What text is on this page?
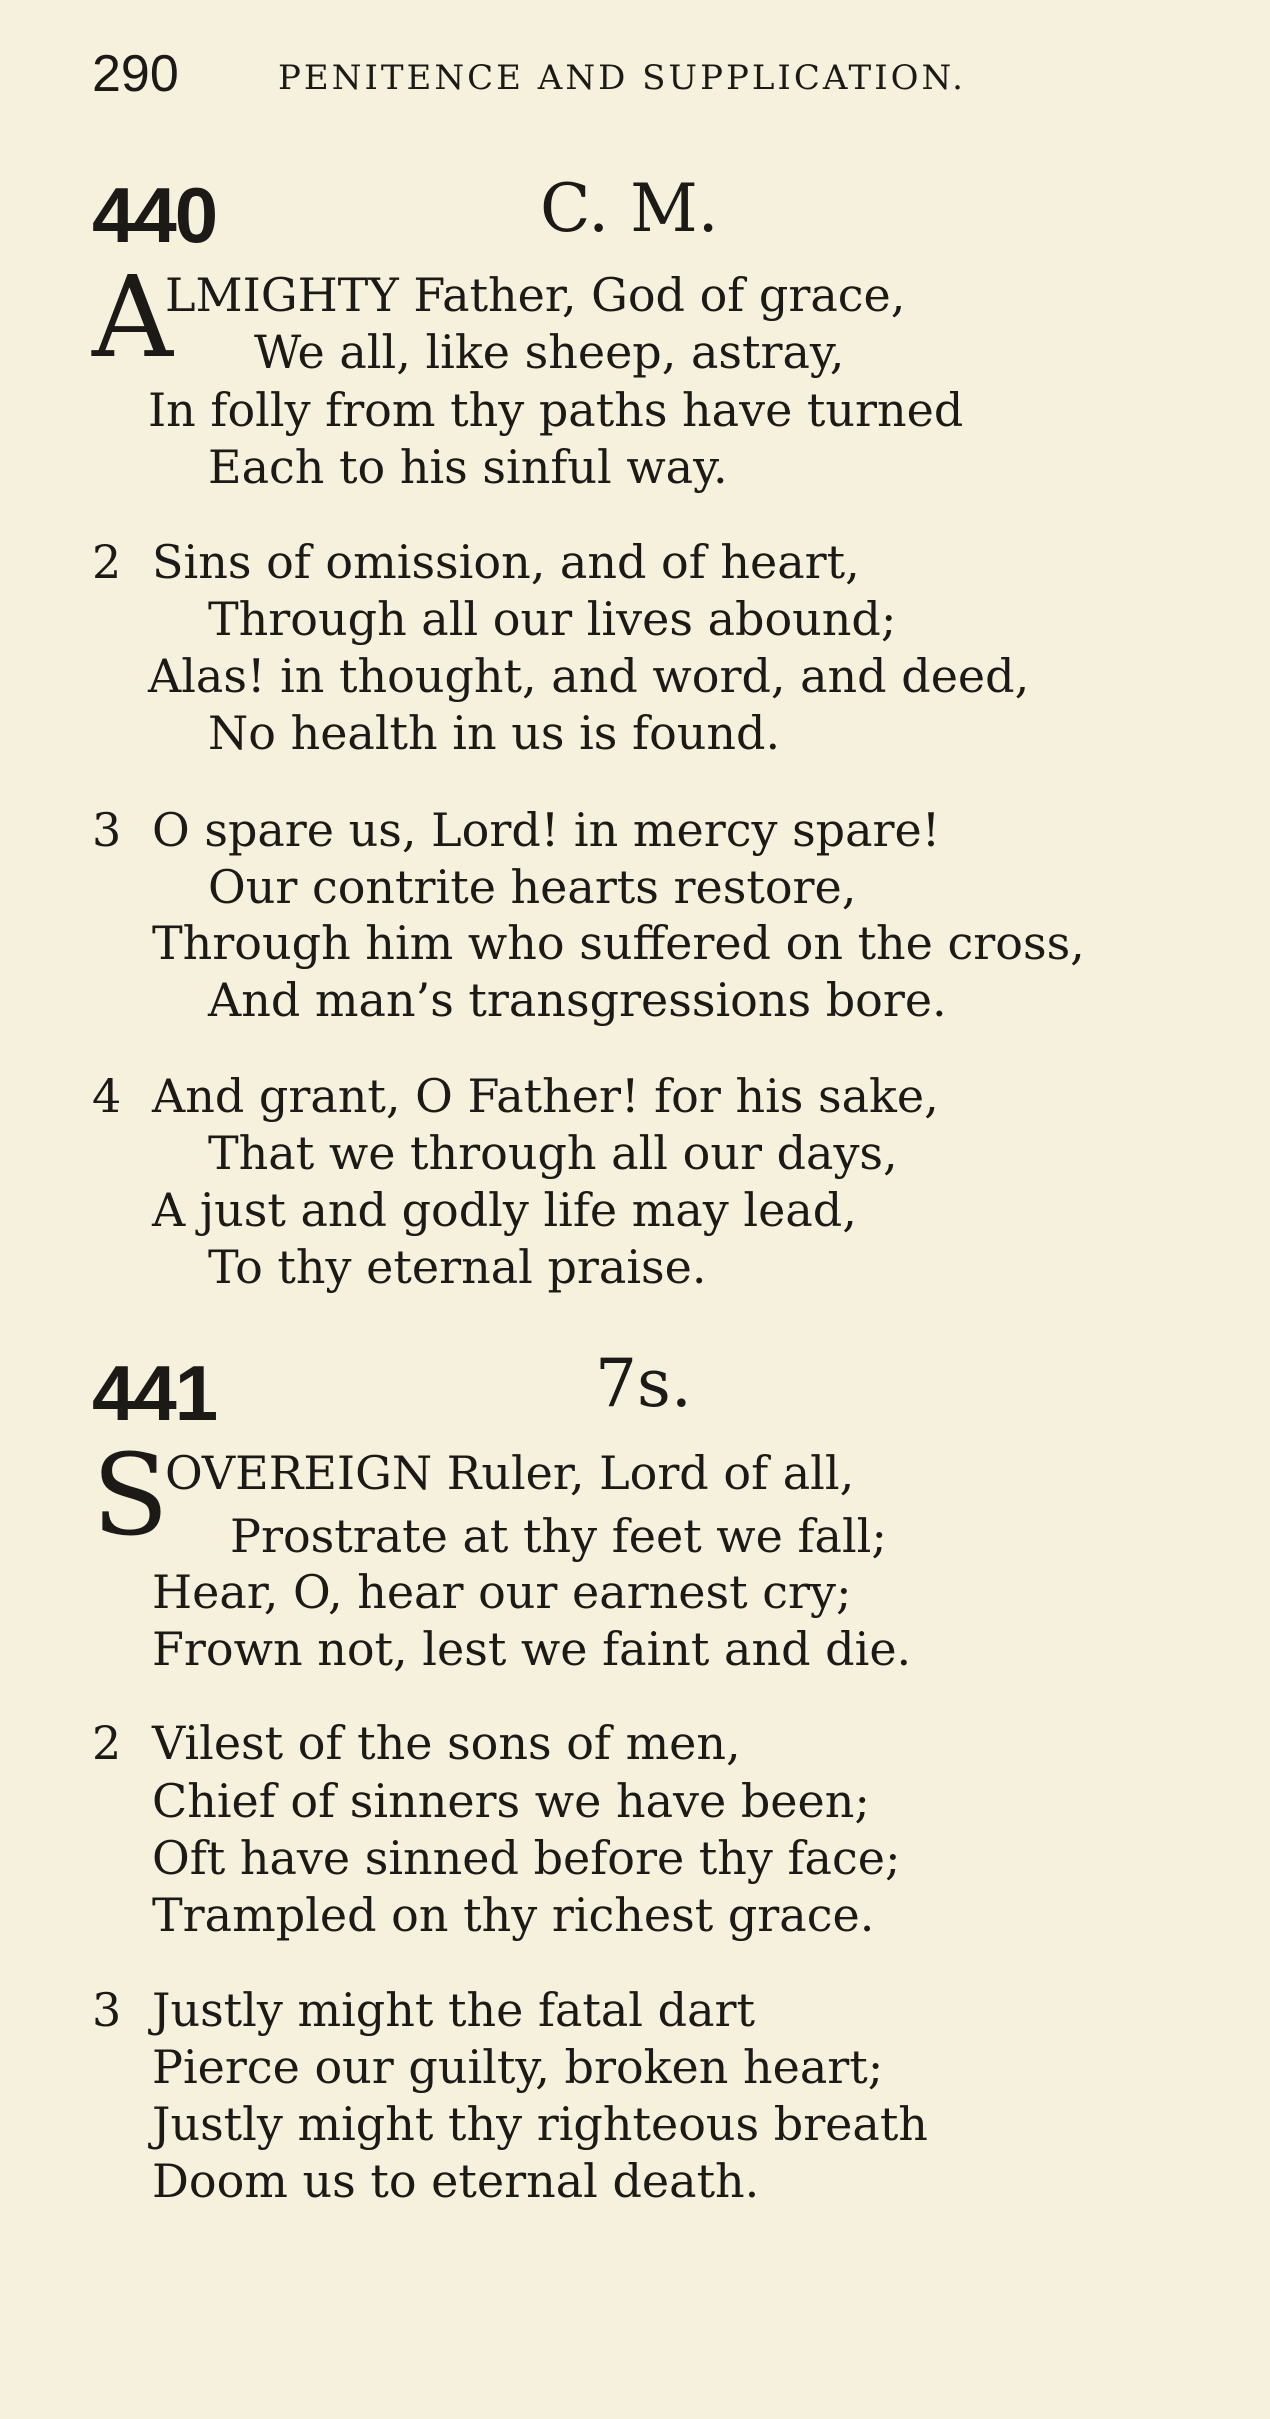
290	PENITENCE AND SUPPLICATION.
440	C. M.
A
LMIGHTY Father, God of grace,
We all, like sheep, astray,
In folly from thy paths have turned
Each to his sinful way.
2 Sins of omission, and of heart,
Through all our lives abound;
Alas! in thought, and word, and deed,
No health in us is found.
3 O spare us, Lord! in mercy spare!
Our contrite hearts restore,
Through him who suffered on the cross,
And man’s transgressions bore.
4 And grant, O Father! for his sake,
That we through all our days,
A just and godly life may lead,
To thy eternal praise.
441	7s.
S
OVEREIGN Ruler, Lord of all,
Prostrate at thy feet we fall;
Hear, O, hear our earnest cry;
Frown not, lest we faint and die.
2 Vilest of the sons of men,
Chief of sinners we have been;
Oft have sinned before thy face;
Trampled on thy richest grace.
3 Justly might the fatal dart
Pierce our guilty, broken heart;
Justly might thy righteous breath
Doom us to eternal death.
